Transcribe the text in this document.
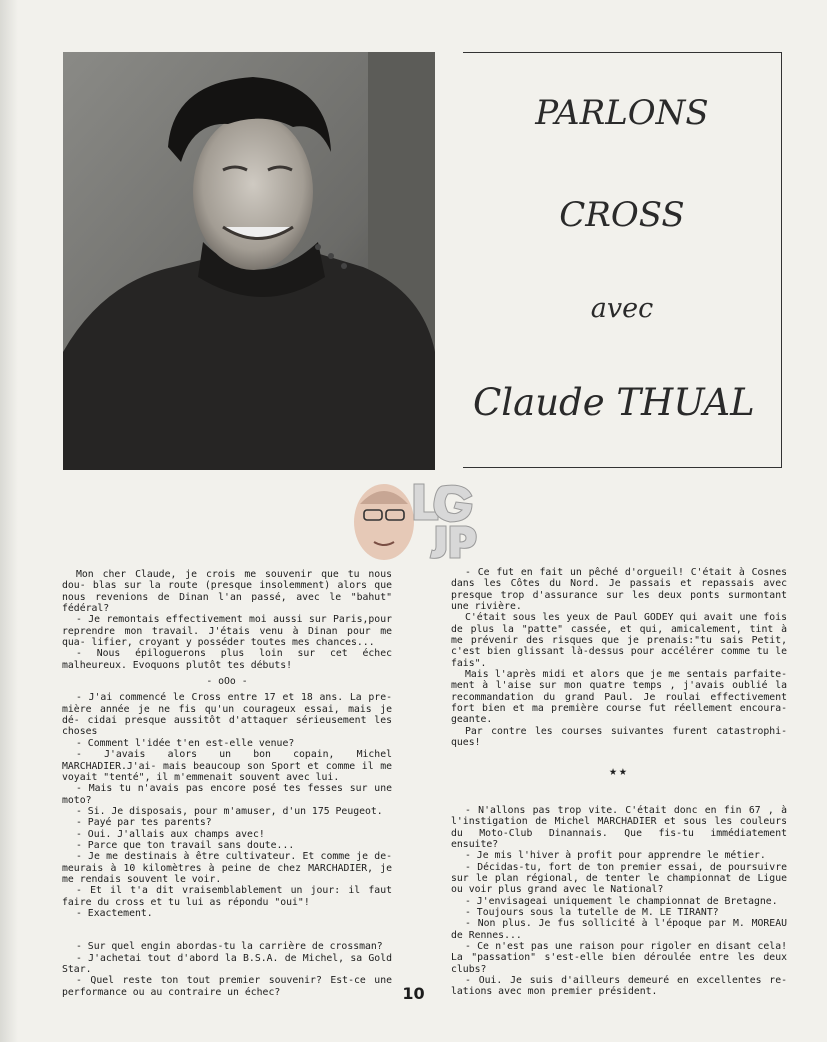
PARLONS
CROSS
avec
Claude THUAL

Mon cher Claude, je crois me souvenir que tu nous dou- blas sur la route (presque insolemment) alors que nous revenions de Dinan l'an passé, avec le "bahut" fédéral?

- Je remontais effectivement moi aussi sur Paris,pour reprendre mon travail. J'étais venu à Dinan pour me qua- lifier, croyant y posséder toutes mes chances...

- Nous épiloguerons plus loin sur cet échec malheureux. Evoquons plutôt tes débuts!

- oOo -

- J'ai commencé le Cross entre 17 et 18 ans. La pre- mière année je ne fis qu'un courageux essai, mais je dé- cidai presque aussitôt d'attaquer sérieusement les choses

- Comment l'idée t'en est-elle venue?

- J'avais alors un bon copain, Michel MARCHADIER.J'ai- mais beaucoup son Sport et comme il me voyait "tenté", il m'emmenait souvent avec lui.

- Mais tu n'avais pas encore posé tes fesses sur une moto?

- Si. Je disposais, pour m'amuser, d'un 175 Peugeot.

- Payé par tes parents?

- Oui. J'allais aux champs avec!

- Parce que ton travail sans doute...

- Je me destinais à être cultivateur. Et comme je de- meurais à 10 kilomètres à peine de chez MARCHADIER, je me rendais souvent le voir.

- Et il t'a dit vraisemblablement un jour: il faut faire du cross et tu lui as répondu "oui"!

- Exactement.

- Sur quel engin abordas-tu la carrière de crossman?

- J'achetai tout d'abord la B.S.A. de Michel, sa Gold Star.

- Quel reste ton tout premier souvenir? Est-ce une performance ou au contraire un échec?

- Ce fut en fait un pêché d'orgueil! C'était à Cosnes dans les Côtes du Nord. Je passais et repassais avec presque trop d'assurance sur les deux ponts surmontant une rivière.

C'était sous les yeux de Paul GODEY qui avait une fois de plus la "patte" cassée, et qui, amicalement, tint à me prévenir des risques que je prenais:"tu sais Petit, c'est bien glissant là-dessus pour accélérer comme tu le fais".

Mais l'après midi et alors que je me sentais parfaite- ment à l'aise sur mon quatre temps , j'avais oublié la recommandation du grand Paul. Je roulai effectivement fort bien et ma première course fut réellement encoura- geante.

Par contre les courses suivantes furent catastrophi- ques!

★★

- N'allons pas trop vite. C'était donc en fin 67 , à l'instigation de Michel MARCHADIER et sous les couleurs du Moto-Club Dinannais. Que fis-tu immédiatement ensuite?

- Je mis l'hiver à profit pour apprendre le métier.

- Décidas-tu, fort de ton premier essai, de poursuivre sur le plan régional, de tenter le championnat de Ligue ou voir plus grand avec le National?

- J'envisageai uniquement le championnat de Bretagne.

- Toujours sous la tutelle de M. LE TIRANT?

- Non plus. Je fus sollicité à l'époque par M. MOREAU de Rennes...

- Ce n'est pas une raison pour rigoler en disant cela! La "passation" s'est-elle bien déroulée entre les deux clubs?

- Oui. Je suis d'ailleurs demeuré en excellentes re- lations avec mon premier président.

10
